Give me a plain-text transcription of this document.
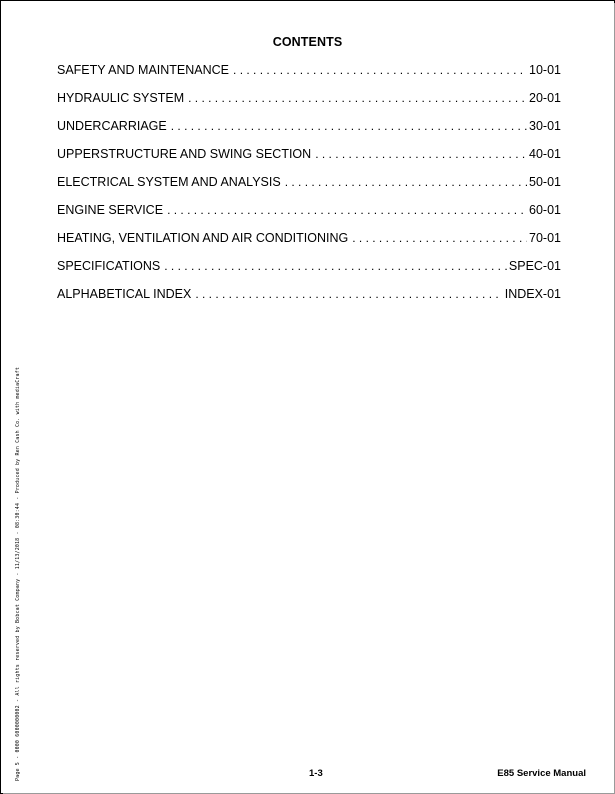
CONTENTS
SAFETY AND MAINTENANCE . . .	10-01
HYDRAULIC SYSTEM . . .	20-01
UNDERCARRIAGE . . .	30-01
UPPERSTRUCTURE AND SWING SECTION . . .	40-01
ELECTRICAL SYSTEM AND ANALYSIS . . .	50-01
ENGINE SERVICE . . .	60-01
HEATING, VENTILATION AND AIR CONDITIONING . . .	70-01
SPECIFICATIONS . . .	SPEC-01
ALPHABETICAL INDEX . . .	INDEX-01
Page 5 - 0000 6000000002 - All rights reserved by Bobcat Company - 11/13/2018 - 08:30:44 - Produced by Ren Cash Co. with mediaCraft	1-3	E85 Service Manual
